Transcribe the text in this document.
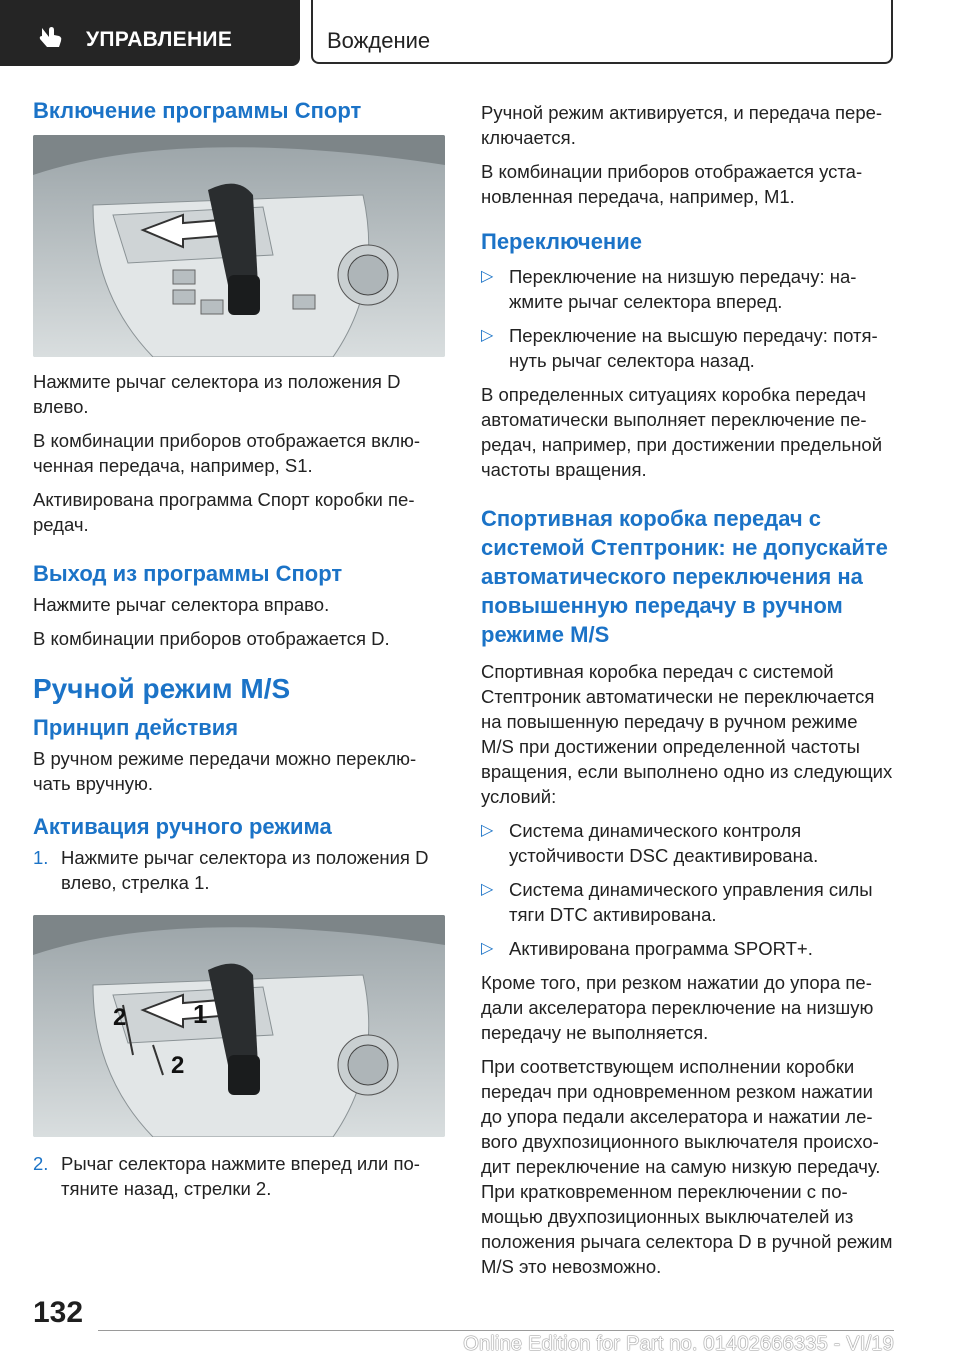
УПРАВЛЕНИЕ	Вождение
Включение программы Спорт

Нажмите рычаг селектора из положения D влево.

В комбинации приборов отображается вклю-ченная передача, например, S1.

Активирована программа Спорт коробки пе-редач.

Выход из программы Спорт

Нажмите рычаг селектора вправо.

В комбинации приборов отображается D.

Ручной режим M/S
Принцип действия

В ручном режиме передачи можно переклю-чать вручную.

Активация ручного режима
1. Нажмите рычаг селектора из положения D влево, стрелка 1.
1
2
2
2. Рычаг селектора нажмите вперед или по-тяните назад, стрелки 2.

Ручной режим активируется, и передача пере-ключается.

В комбинации приборов отображается уста-новленная передача, например, M1.

Переключение
▷ Переключение на низшую передачу: на-жмите рычаг селектора вперед.
▷ Переключение на высшую передачу: потя-нуть рычаг селектора назад.

В определенных ситуациях коробка передач автоматически выполняет переключение пе-редач, например, при достижении предельной частоты вращения.

Спортивная коробка передач с системой Стептроник: не допускайте автоматического переключения на повышенную передачу в ручном режиме M/S

Спортивная коробка передач с системой Стептроник автоматически не переключается на повышенную передачу в ручном режиме M/S при достижении определенной частоты вращения, если выполнено одно из следующих условий:

▷ Система динамического контроля устойчивости DSC деактивирована.
▷ Система динамического управления силы тяги DTC активирована.
▷ Активирована программа SPORT+.

Кроме того, при резком нажатии до упора пе-дали акселератора переключение на низшую передачу не выполняется.

При соответствующем исполнении коробки передач при одновременном резком нажатии до упора педали акселератора и нажатии ле-вого двухпозиционного выключателя происхо-дит переключение на самую низкую передачу. При кратковременном переключении с по-мощью двухпозиционных выключателей из положения рычага селектора D в ручной режим M/S это невозможно.

132
Online Edition for Part no. 01402666335 - VI/19
